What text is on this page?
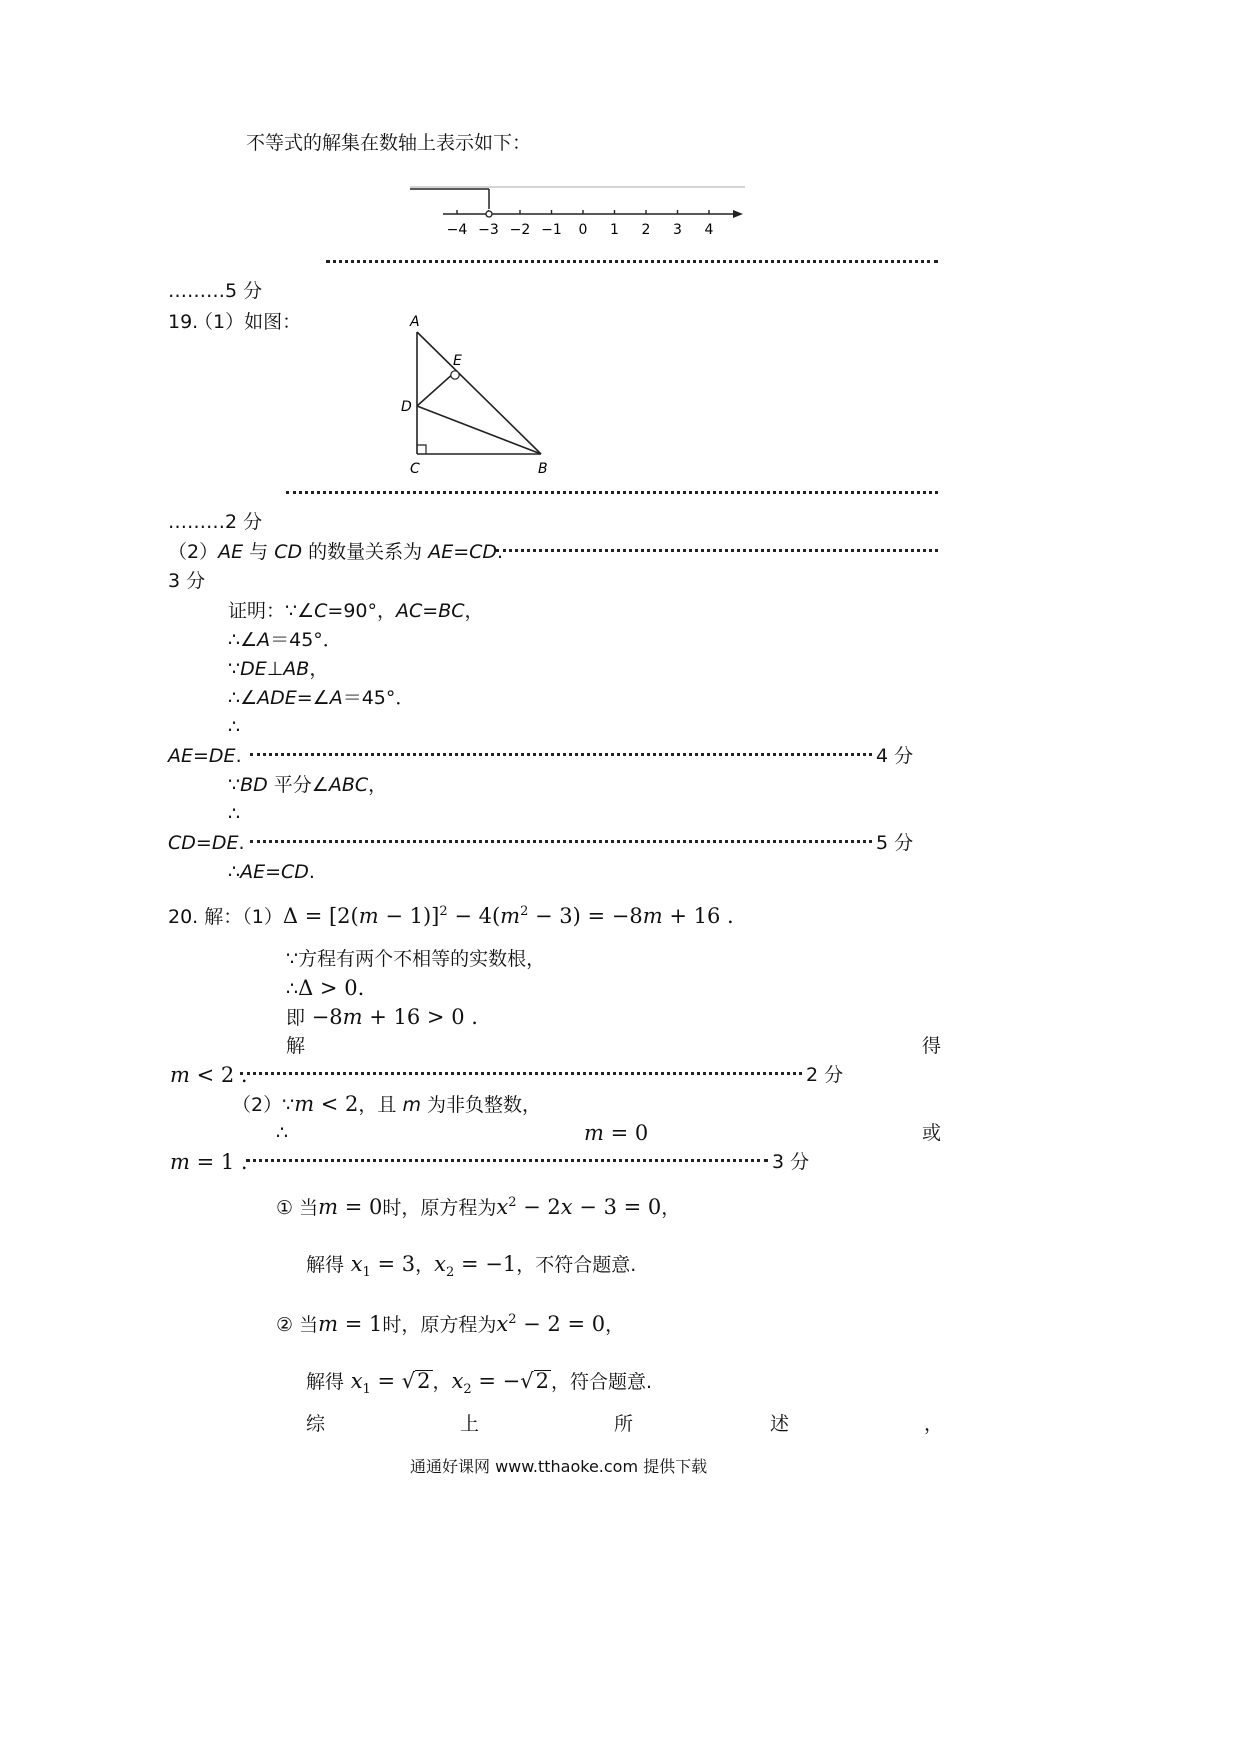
不等式的解集在数轴上表示如下：
−4 −3 −2 −1 0 1 2 3 4
………5 分
19.
（1）如图：	A
E
D
C	B
………2 分
（2）AE 与 CD 的数量关系为 AE=CD.
3 分
证明：∵∠C=90°，AC=BC，
∴∠A＝45°．
∵DE⊥AB，
∴∠ADE=∠A＝45°．
∴
AE=DE.	4 分
∵BD 平分∠ABC，
∴
CD=DE.	5 分
∴AE=CD.
20. 解：$(1)\Delta = [2(m - 1)]^2 - 4(m^2 - 3) = -8m + 16$ .
∵方程有两个不相等的实数根，
∴Δ > 0.
即 −8m + 16 > 0 .
解	得
m < 2 .	2 分
（2）∵m < 2，且 m 为非负整数，
∴	m = 0	或
m = 1 .	3 分
① 当m = 0时，原方程为$x^2 - 2x - 3 = 0$，
解得 $x_1 = 3$，$x_2 = -1$，不符合题意.
② 当m = 1时，原方程为$x^2 - 2 = 0$，
解得 $x_1 = √2$ ，$x_2 = -√2$ ，符合题意.
综	上	所	述	，
通通好课网 www.tthaoke.com 提供下载
